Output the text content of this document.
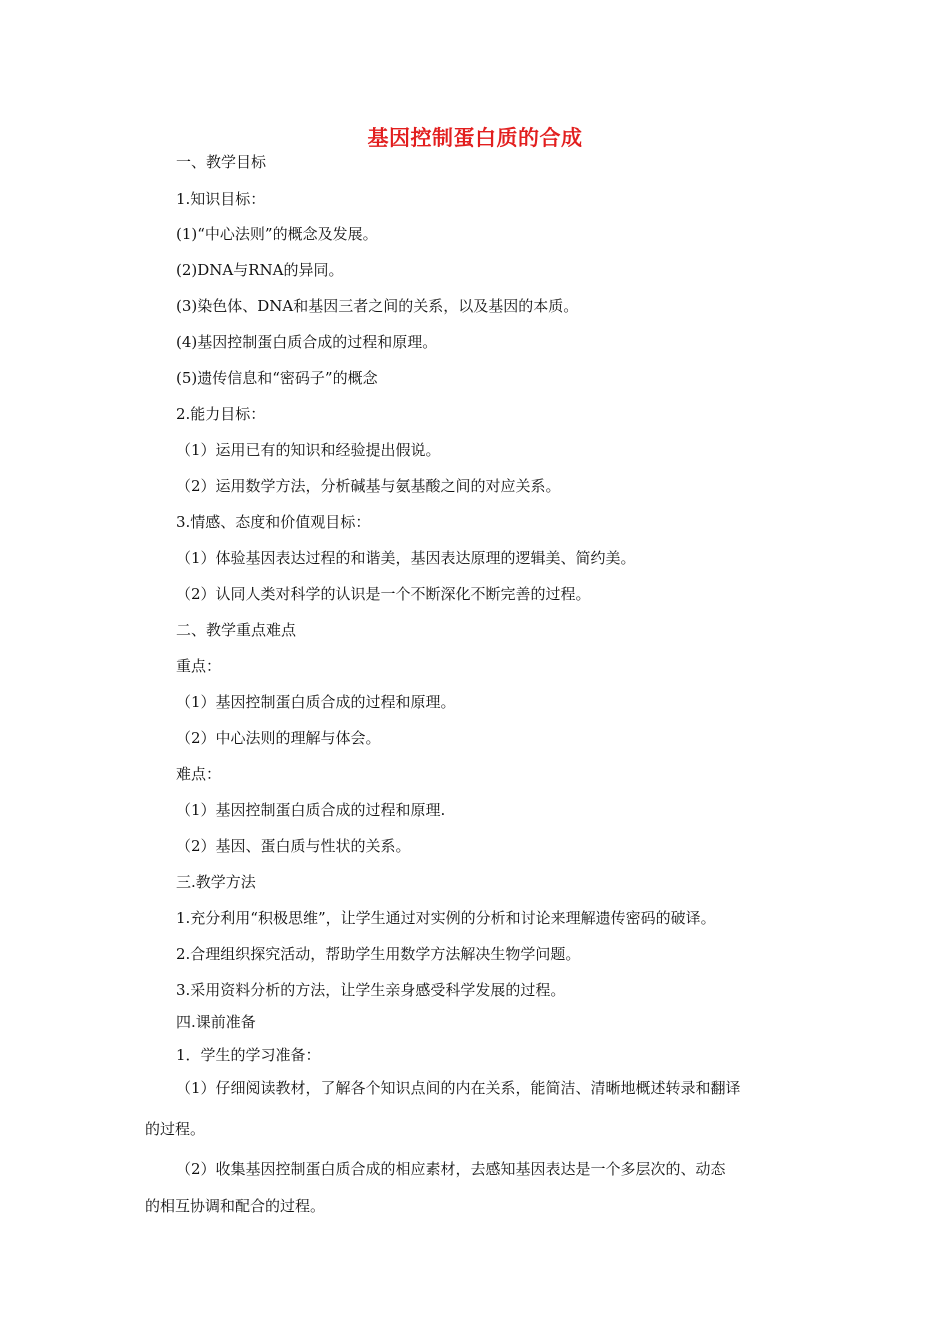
基因控制蛋白质的合成
一、教学目标
1.知识目标：
(1)“中心法则”的概念及发展。
(2)DNA与RNA的异同。
(3)染色体、DNA和基因三者之间的关系，以及基因的本质。
(4)基因控制蛋白质合成的过程和原理。
(5)遗传信息和“密码子”的概念
2.能力目标：
（1）运用已有的知识和经验提出假说。
（2）运用数学方法，分析碱基与氨基酸之间的对应关系。
3.情感、态度和价值观目标：
（1）体验基因表达过程的和谐美，基因表达原理的逻辑美、简约美。
（2）认同人类对科学的认识是一个不断深化不断完善的过程。
二、教学重点难点
重点：
（1）基因控制蛋白质合成的过程和原理。
（2）中心法则的理解与体会。
难点：
（1）基因控制蛋白质合成的过程和原理.
（2）基因、蛋白质与性状的关系。
三.教学方法
1.充分利用“积极思维”，让学生通过对实例的分析和讨论来理解遗传密码的破译。
2.合理组织探究活动，帮助学生用数学方法解决生物学问题。
3.采用资料分析的方法，让学生亲身感受科学发展的过程。
四.课前准备
1．学生的学习准备：
（1）仔细阅读教材，了解各个知识点间的内在关系，能简洁、清晰地概述转录和翻译
的过程。
（2）收集基因控制蛋白质合成的相应素材，去感知基因表达是一个多层次的、动态
的相互协调和配合的过程。
